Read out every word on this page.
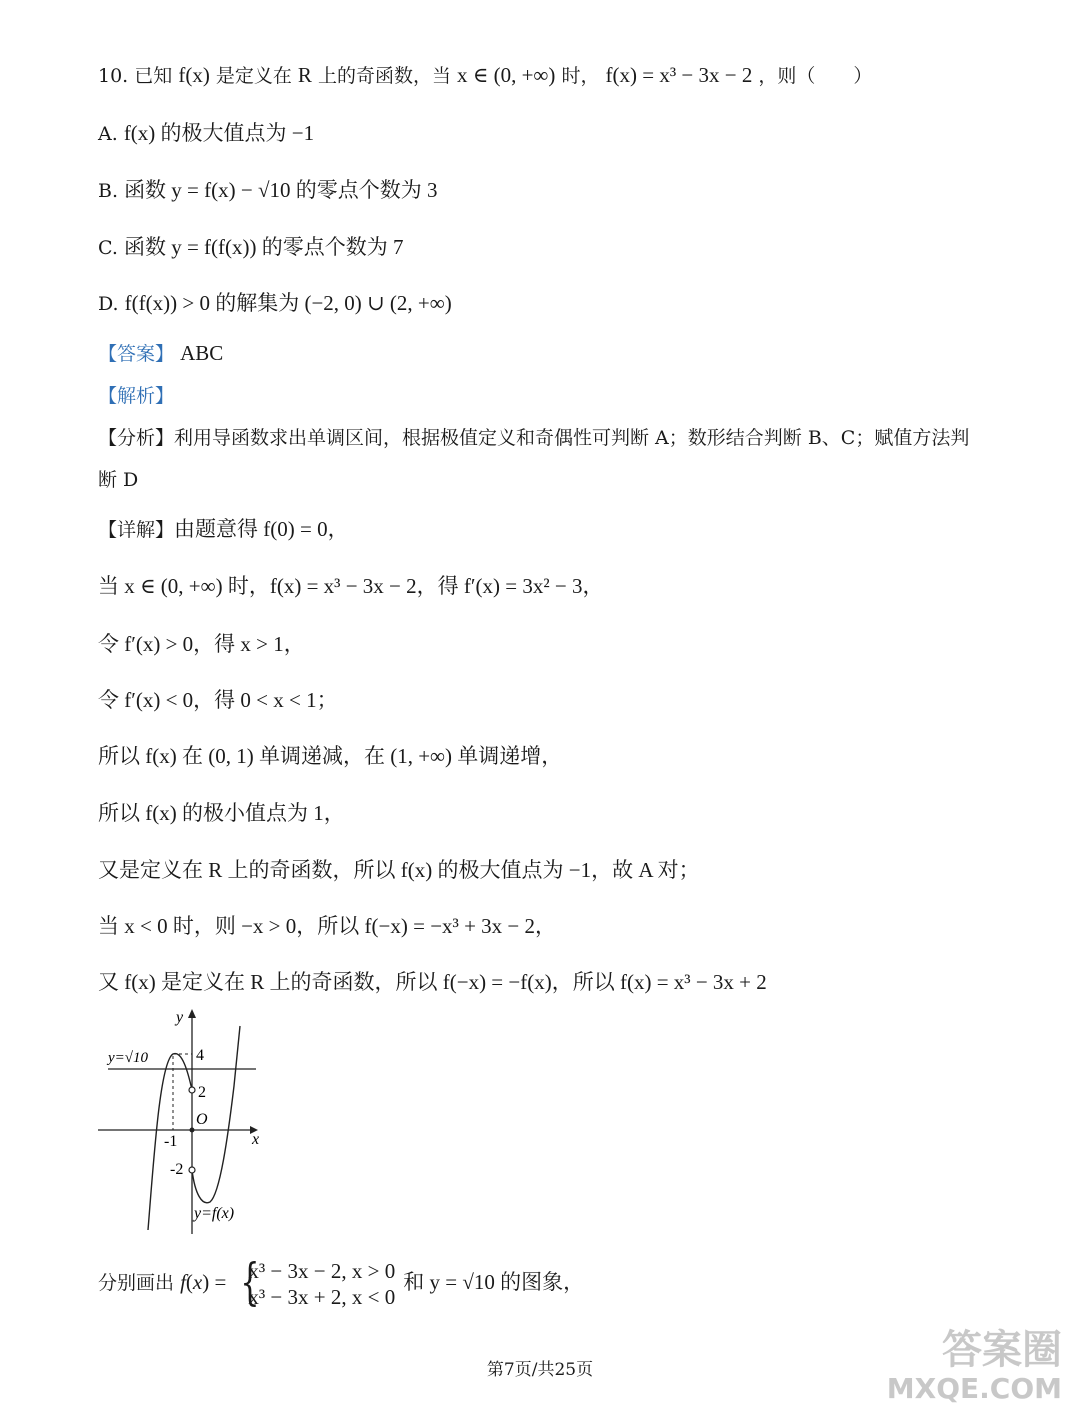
10. 已知 f(x) 是定义在 R 上的奇函数，当 x ∈ (0, +∞) 时， f(x) = x³ − 3x − 2 ，则（　　）
A. f(x) 的极大值点为 −1
B. 函数 y = f(x) − √10 的零点个数为 3
C. 函数 y = f(f(x)) 的零点个数为 7
D. f(f(x)) > 0 的解集为 (−2, 0) ∪ (2, +∞)
【答案】 ABC
【解析】
【分析】利用导函数求出单调区间，根据极值定义和奇偶性可判断 A；数形结合判断 B、C；赋值方法判断 D
【详解】由题意得 f(0) = 0，
当 x ∈ (0, +∞) 时，f(x) = x³ − 3x − 2，得 f′(x) = 3x² − 3，
令 f′(x) > 0，得 x > 1，
令 f′(x) < 0，得 0 < x < 1；
所以 f(x) 在 (0, 1) 单调递减，在 (1, +∞) 单调递增，
所以 f(x) 的极小值点为 1，
又是定义在 R 上的奇函数，所以 f(x) 的极大值点为 −1，故 A 对；
当 x < 0 时，则 −x > 0，所以 f(−x) = −x³ + 3x − 2，
又 f(x) 是定义在 R 上的奇函数，所以 f(−x) = −f(x)，所以 f(x) = x³ − 3x + 2
y
x
O
y=√10	4
2
-1
-2
y=f(x)
分别画出 f(x) = {
x³ − 3x − 2, x > 0
x³ − 3x + 2, x < 0
和 y = √10 的图象，
第7页/共25页	答案圈
MXQE.COM
